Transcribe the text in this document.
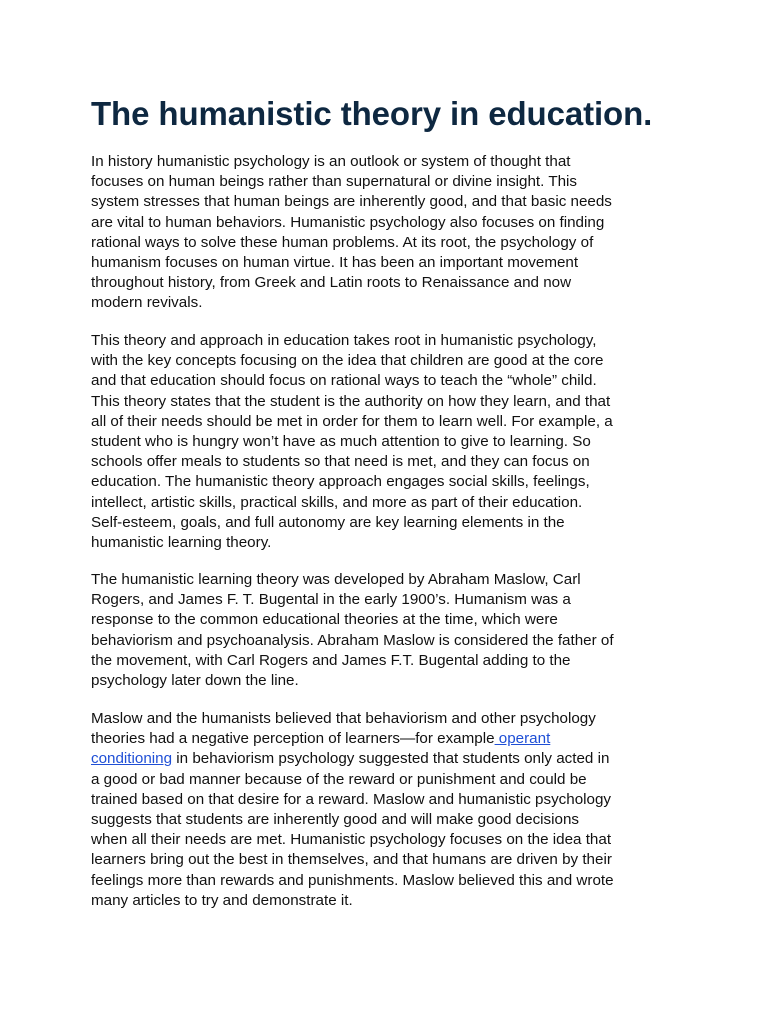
The humanistic theory in education.
In history humanistic psychology is an outlook or system of thought that
focuses on human beings rather than supernatural or divine insight. This
system stresses that human beings are inherently good, and that basic needs
are vital to human behaviors. Humanistic psychology also focuses on finding
rational ways to solve these human problems. At its root, the psychology of
humanism focuses on human virtue. It has been an important movement
throughout history, from Greek and Latin roots to Renaissance and now
modern revivals.
This theory and approach in education takes root in humanistic psychology,
with the key concepts focusing on the idea that children are good at the core
and that education should focus on rational ways to teach the “whole” child.
This theory states that the student is the authority on how they learn, and that
all of their needs should be met in order for them to learn well. For example, a
student who is hungry won’t have as much attention to give to learning. So
schools offer meals to students so that need is met, and they can focus on
education. The humanistic theory approach engages social skills, feelings,
intellect, artistic skills, practical skills, and more as part of their education.
Self-esteem, goals, and full autonomy are key learning elements in the
humanistic learning theory.
The humanistic learning theory was developed by Abraham Maslow, Carl
Rogers, and James F. T. Bugental in the early 1900’s. Humanism was a
response to the common educational theories at the time, which were
behaviorism and psychoanalysis. Abraham Maslow is considered the father of
the movement, with Carl Rogers and James F.T. Bugental adding to the
psychology later down the line.
Maslow and the humanists believed that behaviorism and other psychology
theories had a negative perception of learners—for example operant
conditioning in behaviorism psychology suggested that students only acted in
a good or bad manner because of the reward or punishment and could be
trained based on that desire for a reward. Maslow and humanistic psychology
suggests that students are inherently good and will make good decisions
when all their needs are met. Humanistic psychology focuses on the idea that
learners bring out the best in themselves, and that humans are driven by their
feelings more than rewards and punishments. Maslow believed this and wrote
many articles to try and demonstrate it.
